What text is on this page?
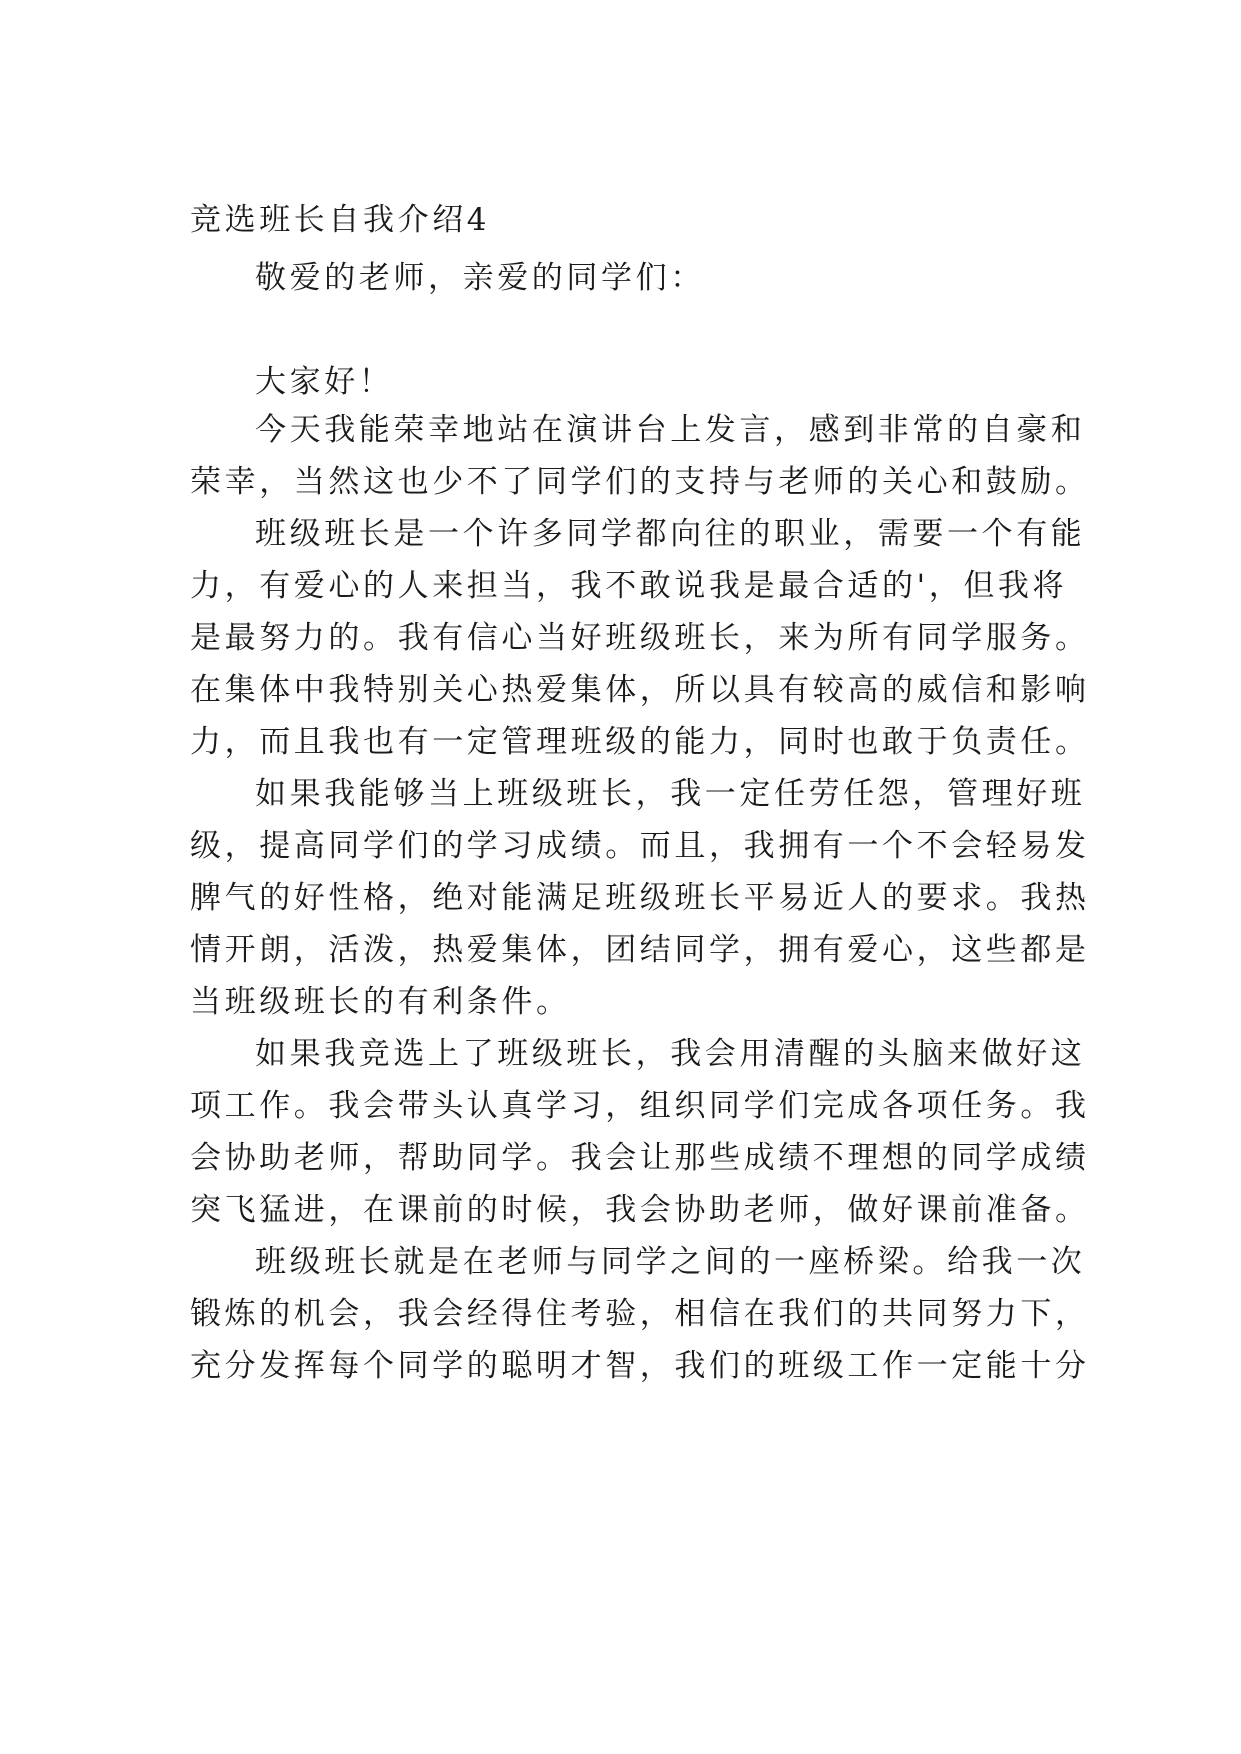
竞选班长自我介绍4

敬爱的老师，亲爱的同学们：

大家好！

今天我能荣幸地站在演讲台上发言，感到非常的自豪和

荣幸，当然这也少不了同学们的支持与老师的关心和鼓励。

班级班长是一个许多同学都向往的职业，需要一个有能

力，有爱心的人来担当，我不敢说我是最合适的'，但我将

是最努力的。我有信心当好班级班长，来为所有同学服务。

在集体中我特别关心热爱集体，所以具有较高的威信和影响

力，而且我也有一定管理班级的能力，同时也敢于负责任。

如果我能够当上班级班长，我一定任劳任怨，管理好班

级，提高同学们的学习成绩。而且，我拥有一个不会轻易发

脾气的好性格，绝对能满足班级班长平易近人的要求。我热

情开朗，活泼，热爱集体，团结同学，拥有爱心，这些都是

当班级班长的有利条件。

如果我竞选上了班级班长，我会用清醒的头脑来做好这

项工作。我会带头认真学习，组织同学们完成各项任务。我

会协助老师，帮助同学。我会让那些成绩不理想的同学成绩

突飞猛进，在课前的时候，我会协助老师，做好课前准备。

班级班长就是在老师与同学之间的一座桥梁。给我一次

锻炼的机会，我会经得住考验，相信在我们的共同努力下，

充分发挥每个同学的聪明才智，我们的班级工作一定能十分
